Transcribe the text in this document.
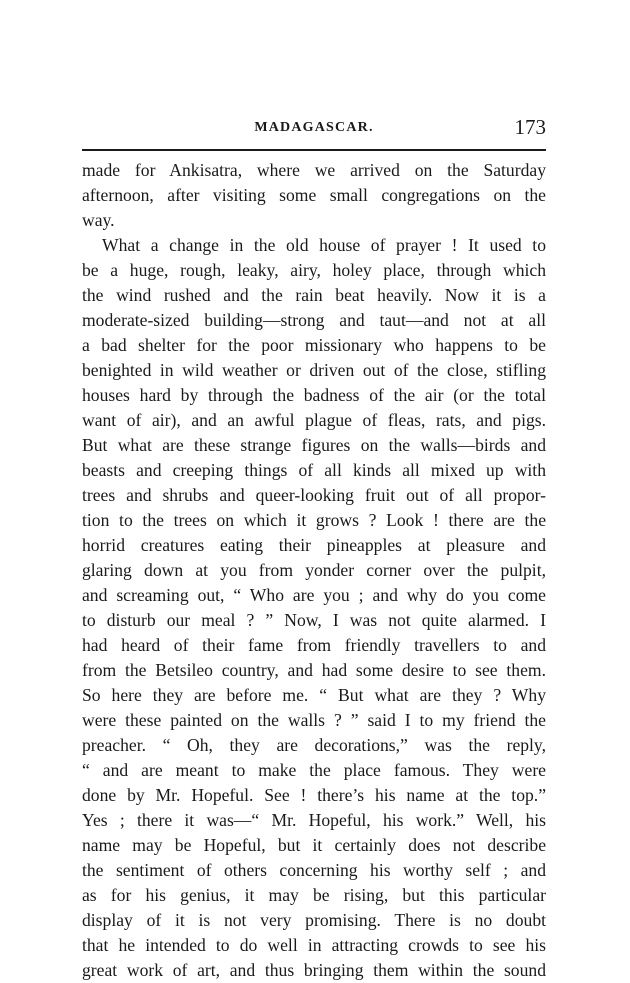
MADAGASCAR.	173
made for Ankisatra, where we arrived on the Saturday
afternoon, after visiting some small congregations on the
way.
What a change in the old house of prayer ! It used to
be a huge, rough, leaky, airy, holey place, through which
the wind rushed and the rain beat heavily. Now it is a
moderate-sized building—strong and taut—and not at all
a bad shelter for the poor missionary who happens to be
benighted in wild weather or driven out of the close, stifling
houses hard by through the badness of the air (or the total
want of air), and an awful plague of fleas, rats, and pigs.
But what are these strange figures on the walls—birds and
beasts and creeping things of all kinds all mixed up with
trees and shrubs and queer-looking fruit out of all propor-
tion to the trees on which it grows ? Look ! there are the
horrid creatures eating their pineapples at pleasure and
glaring down at you from yonder corner over the pulpit,
and screaming out, “ Who are you ; and why do you come
to disturb our meal ? ” Now, I was not quite alarmed. I
had heard of their fame from friendly travellers to and
from the Betsileo country, and had some desire to see them.
So here they are before me. “ But what are they ? Why
were these painted on the walls ? ” said I to my friend the
preacher. “ Oh, they are decorations,” was the reply,
“ and are meant to make the place famous. They were
done by Mr. Hopeful. See ! there’s his name at the top.”
Yes ; there it was—“ Mr. Hopeful, his work.” Well, his
name may be Hopeful, but it certainly does not describe
the sentiment of others concerning his worthy self ; and
as for his genius, it may be rising, but this particular
display of it is not very promising. There is no doubt
that he intended to do well in attracting crowds to see his
great work of art, and thus bringing them within the sound
